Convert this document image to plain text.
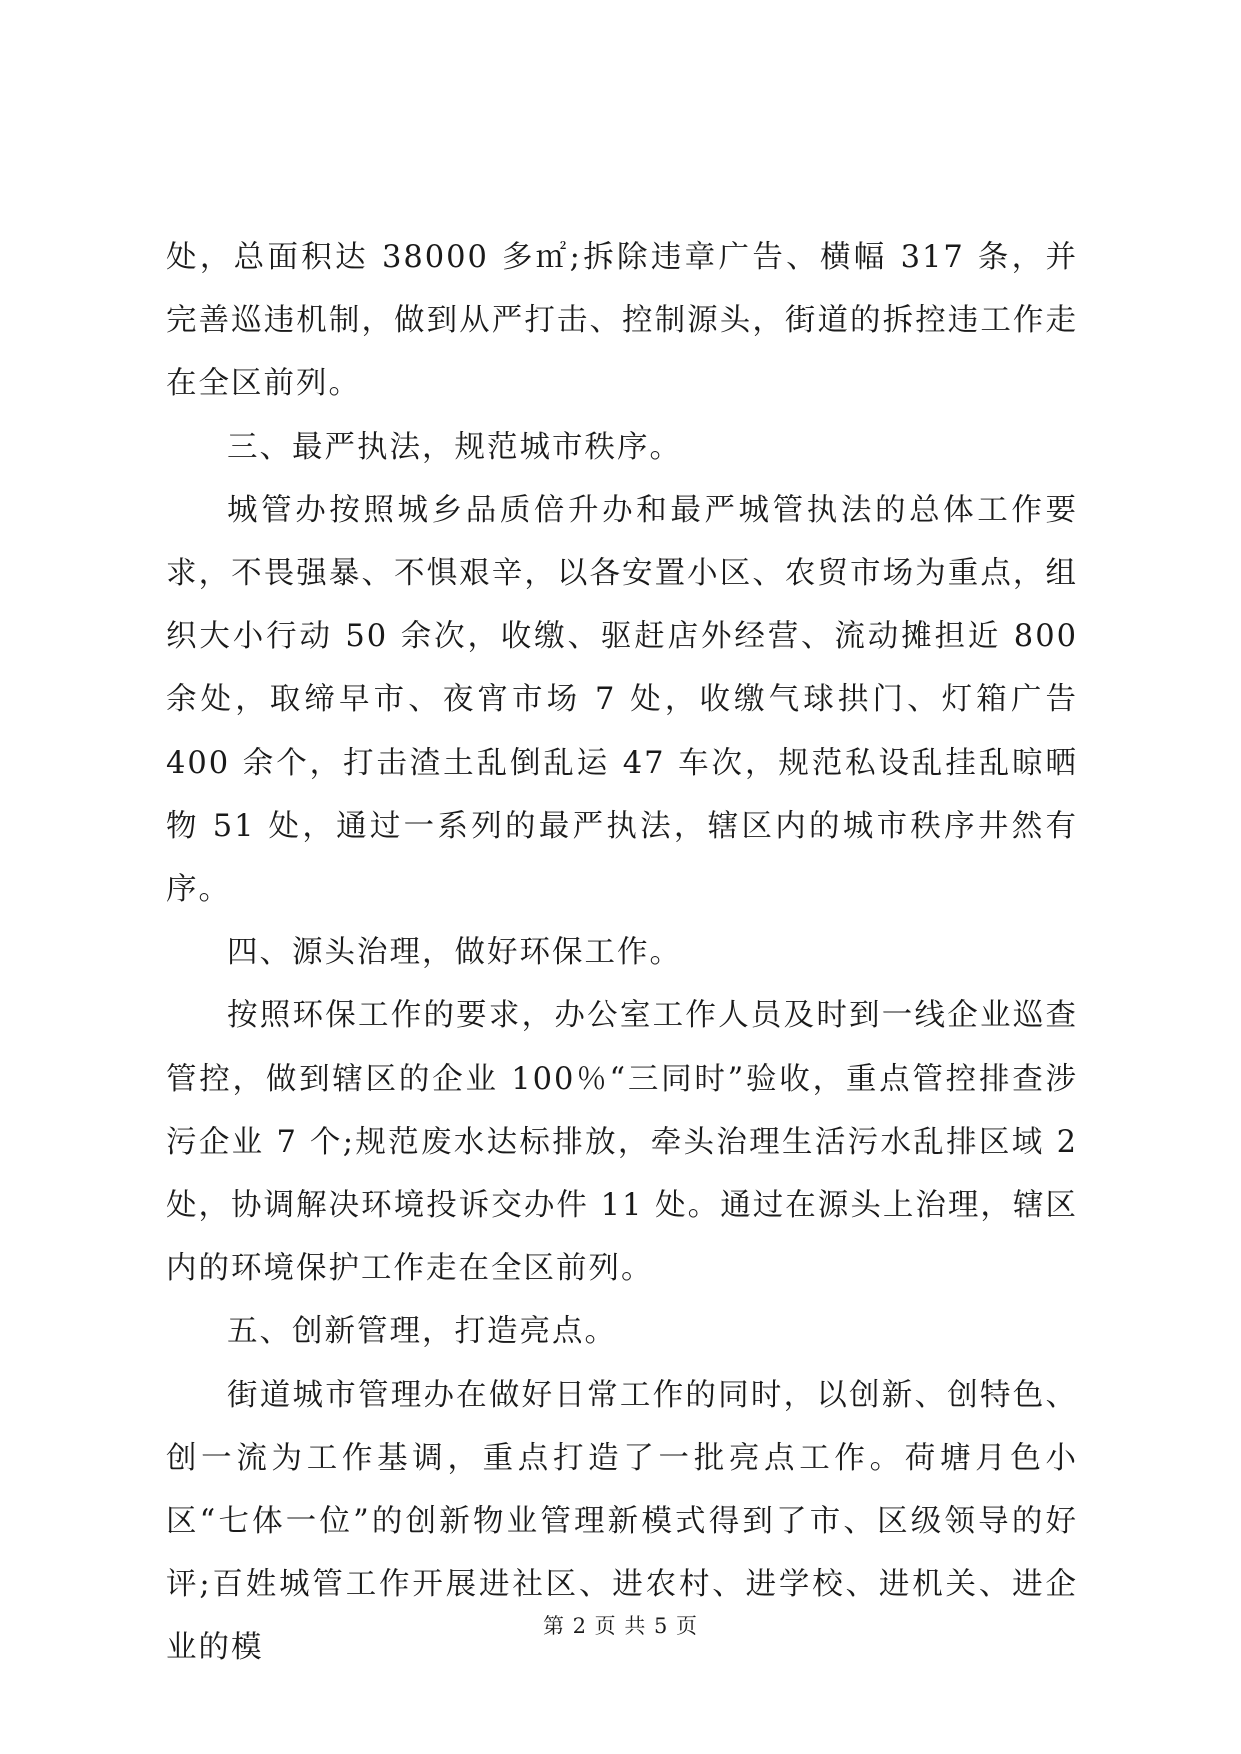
处，总面积达 38000 多㎡;拆除违章广告、横幅 317 条，并完善巡违机制，做到从严打击、控制源头，街道的拆控违工作走在全区前列。

三、最严执法，规范城市秩序。

城管办按照城乡品质倍升办和最严城管执法的总体工作要求，不畏强暴、不惧艰辛，以各安置小区、农贸市场为重点，组织大小行动 50 余次，收缴、驱赶店外经营、流动摊担近 800 余处，取缔早市、夜宵市场 7 处，收缴气球拱门、灯箱广告 400 余个，打击渣土乱倒乱运 47 车次，规范私设乱挂乱晾晒物 51 处，通过一系列的最严执法，辖区内的城市秩序井然有序。

四、源头治理，做好环保工作。

按照环保工作的要求，办公室工作人员及时到一线企业巡查管控，做到辖区的企业 100％“三同时”验收，重点管控排查涉污企业 7 个;规范废水达标排放，牵头治理生活污水乱排区域 2 处，协调解决环境投诉交办件 11 处。通过在源头上治理，辖区内的环境保护工作走在全区前列。

五、创新管理，打造亮点。

街道城市管理办在做好日常工作的同时，以创新、创特色、创一流为工作基调，重点打造了一批亮点工作。荷塘月色小区“七体一位”的创新物业管理新模式得到了市、区级领导的好评;百姓城管工作开展进社区、进农村、进学校、进机关、进企业的模

第 2 页 共 5 页
